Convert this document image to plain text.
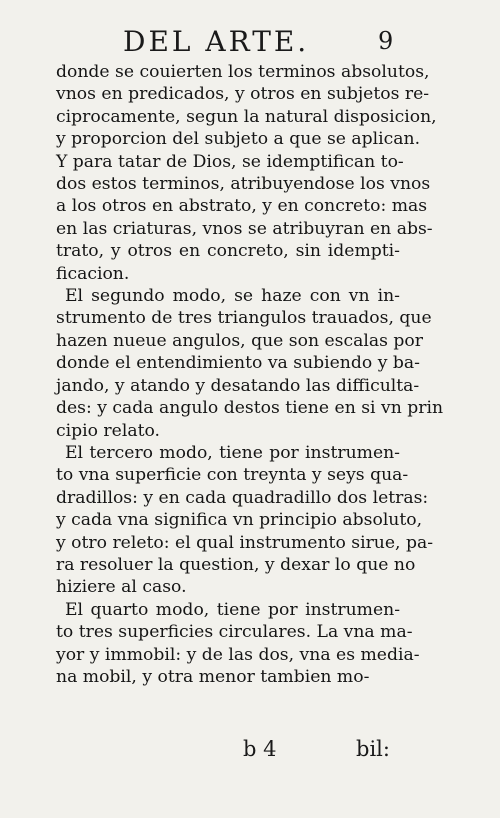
DEL ARTE.	9
donde se couierten los terminos absolutos,
vnos en predicados, y otros en subjetos re-
ciprocamente, segun la natural disposicion,
y proporcion del subjeto a que se aplican.
Y para tatar de Dios, se idemptifican to-
dos estos terminos, atribuyendose los vnos
a los otros en abstrato, y en concreto: mas
en las criaturas, vnos se atribuyran en abs-
trato, y otros en concreto, sin idempti-
ficacion.
El segundo modo, se haze con vn in-
strumento de tres triangulos trauados, que
hazen nueue angulos, que son escalas por
donde el entendimiento va subiendo y ba-
jando, y atando y desatando las difficulta-
des: y cada angulo destos tiene en si vn prin
cipio relato.
El tercero modo, tiene por instrumen-
to vna superficie con treynta y seys qua-
dradillos: y en cada quadradillo dos letras:
y cada vna significa vn principio absoluto,
y otro releto: el qual instrumento sirue, pa-
ra resoluer la question, y dexar lo que no
hiziere al caso.
El quarto modo, tiene por instrumen-
to tres superficies circulares. La vna ma-
yor y immobil: y de las dos, vna es media-
na mobil, y otra menor tambien mo-
b 4	bil:
